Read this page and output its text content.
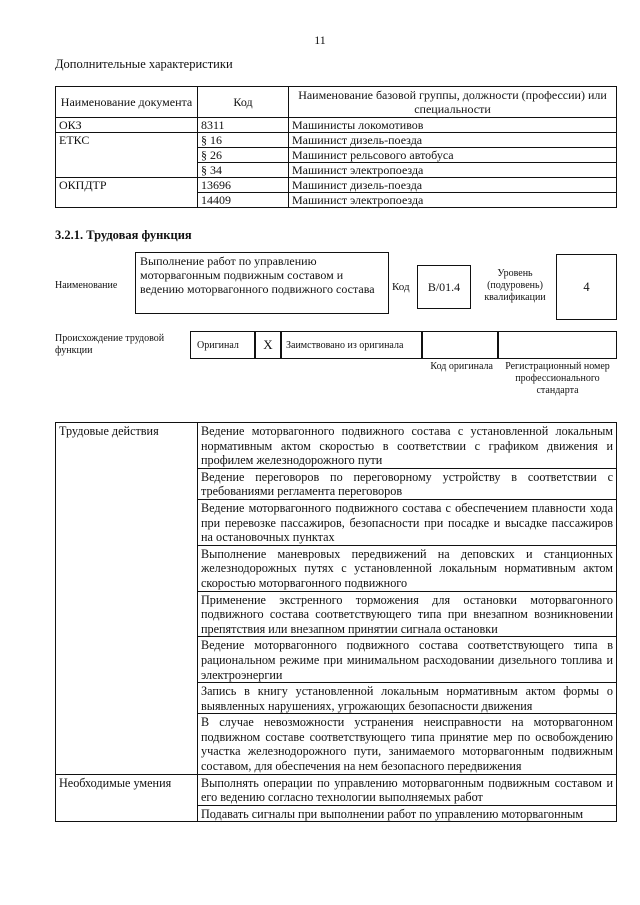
11
Дополнительные характеристики
Наименование документа	Код	Наименование базовой группы, должности (профессии) или специальности
ОКЗ	8311	Машинисты локомотивов
ЕТКС	§ 16	Машинист дизель-поезда
	§ 26	Машинист рельсового автобуса
	§ 34	Машинист электропоезда
ОКПДТР	13696	Машинист дизель-поезда
	14409	Машинист электропоезда
3.2.1. Трудовая функция
Наименование
Выполнение работ по управлению моторвагонным подвижным составом и ведению моторвагонного подвижного состава	Код	В/01.4
Уровень (подуровень) квалификации
4
Происхождение трудовой функции	Оригинал	X	Заимствовано из оригинала
Код оригинала	Регистрационный номер профессионального стандарта
Трудовые действия	Ведение моторвагонного подвижного состава с установленной локальным нормативным актом скоростью в соответствии с графиком движения и профилем железнодорожного пути
	Ведение переговоров по переговорному устройству в соответствии с требованиями регламента переговоров
	Ведение моторвагонного подвижного состава с обеспечением плавности хода при перевозке пассажиров, безопасности при посадке и высадке пассажиров на остановочных пунктах
	Выполнение маневровых передвижений на деповских и станционных железнодорожных путях с установленной локальным нормативным актом скоростью моторвагонного подвижного
	Применение экстренного торможения для остановки моторвагонного подвижного состава соответствующего типа при внезапном возникновении препятствия или внезапном принятии сигнала остановки
	Ведение моторвагонного подвижного состава соответствующего типа в рациональном режиме при минимальном расходовании дизельного топлива и электроэнергии
	Запись в книгу установленной локальным нормативным актом формы о выявленных нарушениях, угрожающих безопасности движения
	В случае невозможности устранения неисправности на моторвагонном подвижном составе соответствующего типа принятие мер по освобождению участка железнодорожного пути, занимаемого моторвагонным подвижным составом, для обеспечения на нем безопасного передвижения
Необходимые умения	Выполнять операции по управлению моторвагонным подвижным составом и его ведению согласно технологии выполняемых работ
	Подавать сигналы при выполнении работ по управлению моторвагонным
